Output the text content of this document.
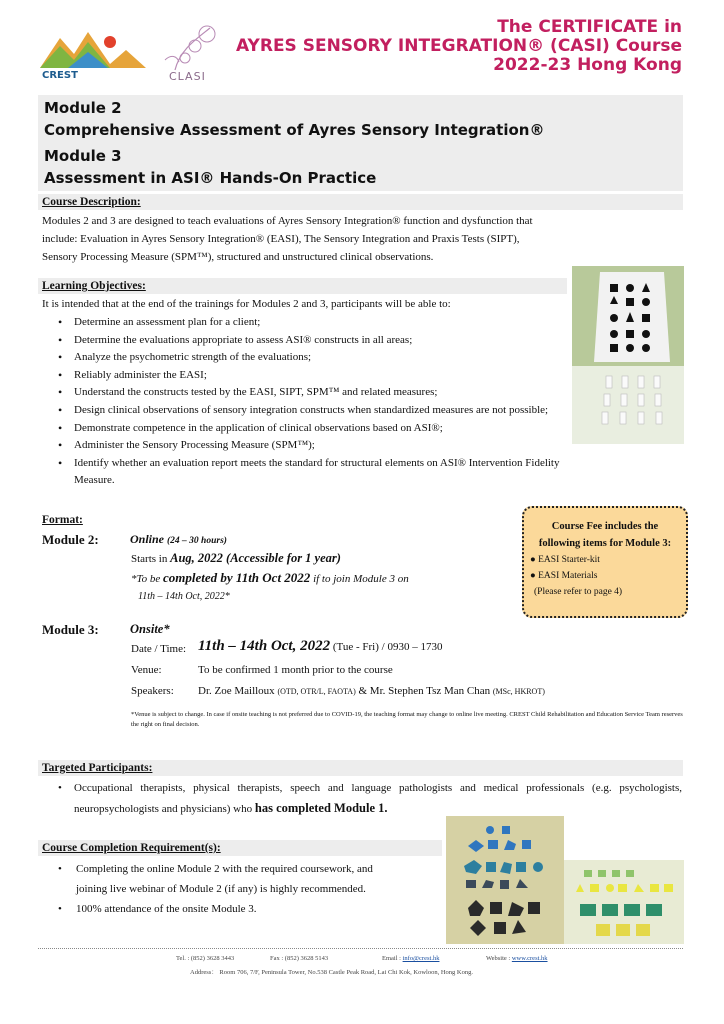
CREST	CLASI
The CERTIFICATE in
AYRES SENSORY INTEGRATION® (CASI) Course
2022-23 Hong Kong
Module 2
Comprehensive Assessment of Ayres Sensory Integration®
Module 3
Assessment in ASI® Hands-On Practice
Course Description:
Modules 2 and 3 are designed to teach evaluations of Ayres Sensory Integration® function and dysfunction that include: Evaluation in Ayres Sensory Integration® (EASI), The Sensory Integration and Praxis Tests (SIPT), Sensory Processing Measure (SPM™), structured and unstructured clinical observations.
Learning Objectives:
It is intended that at the end of the trainings for Modules 2 and 3, participants will be able to:
• Determine an assessment plan for a client;
• Determine the evaluations appropriate to assess ASI® constructs in all areas;
• Analyze the psychometric strength of the evaluations;
• Reliably administer the EASI;
• Understand the constructs tested by the EASI, SIPT, SPM™ and related measures;
• Design clinical observations of sensory integration constructs when standardized measures are not possible;
• Demonstrate competence in the application of clinical observations based on ASI®;
• Administer the Sensory Processing Measure (SPM™);
• Identify whether an evaluation report meets the standard for structural elements on ASI® Intervention Fidelity Measure.
Format:
Module 2:	Online (24 – 30 hours)
Starts in Aug, 2022 (Accessible for 1 year)
*To be completed by 11th Oct 2022 if to join Module 3 on
11th – 14th Oct, 2022*
Module 3:	Onsite*
Date / Time: 11th – 14th Oct, 2022 (Tue - Fri) / 0930 – 1730
Venue:	To be confirmed 1 month prior to the course
Speakers: Dr. Zoe Mailloux (OTD, OTR/L, FAOTA) & Mr. Stephen Tsz Man Chan (MSc, HKROT)
*Venue is subject to change. In case if onsite teaching is not preferred due to COVID-19, the teaching format may change to online live meeting. CREST Child Rehabilitation and Education Service Team reserves the right on final decision.
Course Fee includes the
following items for Module 3:
● EASI Starter-kit
● EASI Materials
(Please refer to page 4)
Targeted Participants:
• Occupational therapists, physical therapists, speech and language pathologists and medical professionals (e.g. psychologists, neuropsychologists and physicians) who has completed Module 1.
Course Completion Requirement(s):
• Completing the online Module 2 with the required coursework, and
joining live webinar of Module 2 (if any) is highly recommended.
• 100% attendance of the onsite Module 3.
Tel. : (852) 3628 3443	Fax : (852) 3628 5143	Email : info@crest.hk	Website : www.crest.hk
Address： Room 706, 7/F, Peninsula Tower, No.538 Castle Peak Road, Lai Chi Kok, Kowloon, Hong Kong.
